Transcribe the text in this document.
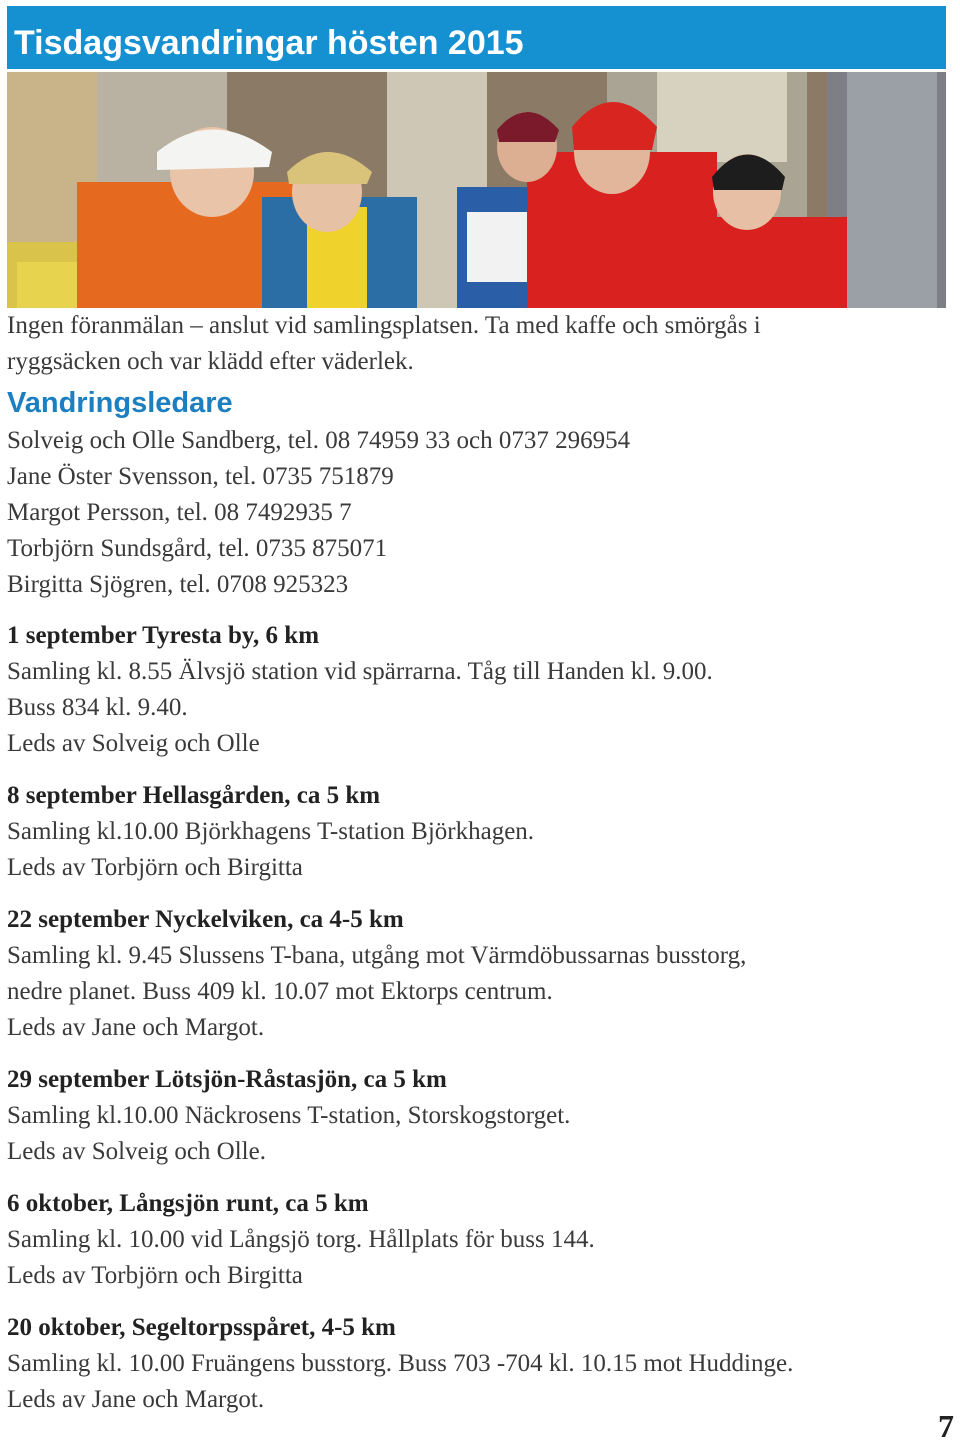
Tisdagsvandringar hösten 2015

Ingen föranmälan – anslut vid samlingsplatsen. Ta med kaffe och smörgås i

ryggsäcken och var klädd efter väderlek.

Vandringsledare

Solveig och Olle Sandberg, tel. 08 74959 33 och 0737 296954

Jane Öster Svensson, tel. 0735 751879

Margot Persson, tel. 08 7492935 7

Torbjörn Sundsgård, tel. 0735 875071

Birgitta Sjögren, tel. 0708 925323

1 september Tyresta by, 6 km

Samling kl. 8.55 Älvsjö station vid spärrarna. Tåg till Handen kl. 9.00.

Buss 834 kl. 9.40.

Leds av Solveig och Olle

8 september Hellasgården, ca 5 km

Samling kl.10.00 Björkhagens T-station Björkhagen.

Leds av Torbjörn och Birgitta

22 september Nyckelviken, ca 4-5 km

Samling kl. 9.45 Slussens T-bana, utgång mot Värmdöbussarnas busstorg,

nedre planet. Buss 409 kl. 10.07 mot Ektorps centrum.

Leds av Jane och Margot.

29 september Lötsjön-Råstasjön, ca 5 km

Samling kl.10.00 Näckrosens T-station, Storskogstorget.

Leds av Solveig och Olle.

6 oktober, Långsjön runt, ca 5 km

Samling kl. 10.00 vid Långsjö torg. Hållplats för buss 144.

Leds av Torbjörn och Birgitta

20 oktober, Segeltorpsspåret, 4-5 km

Samling kl. 10.00 Fruängens busstorg. Buss 703 -704 kl. 10.15 mot Huddinge.

Leds av Jane och Margot.

7
